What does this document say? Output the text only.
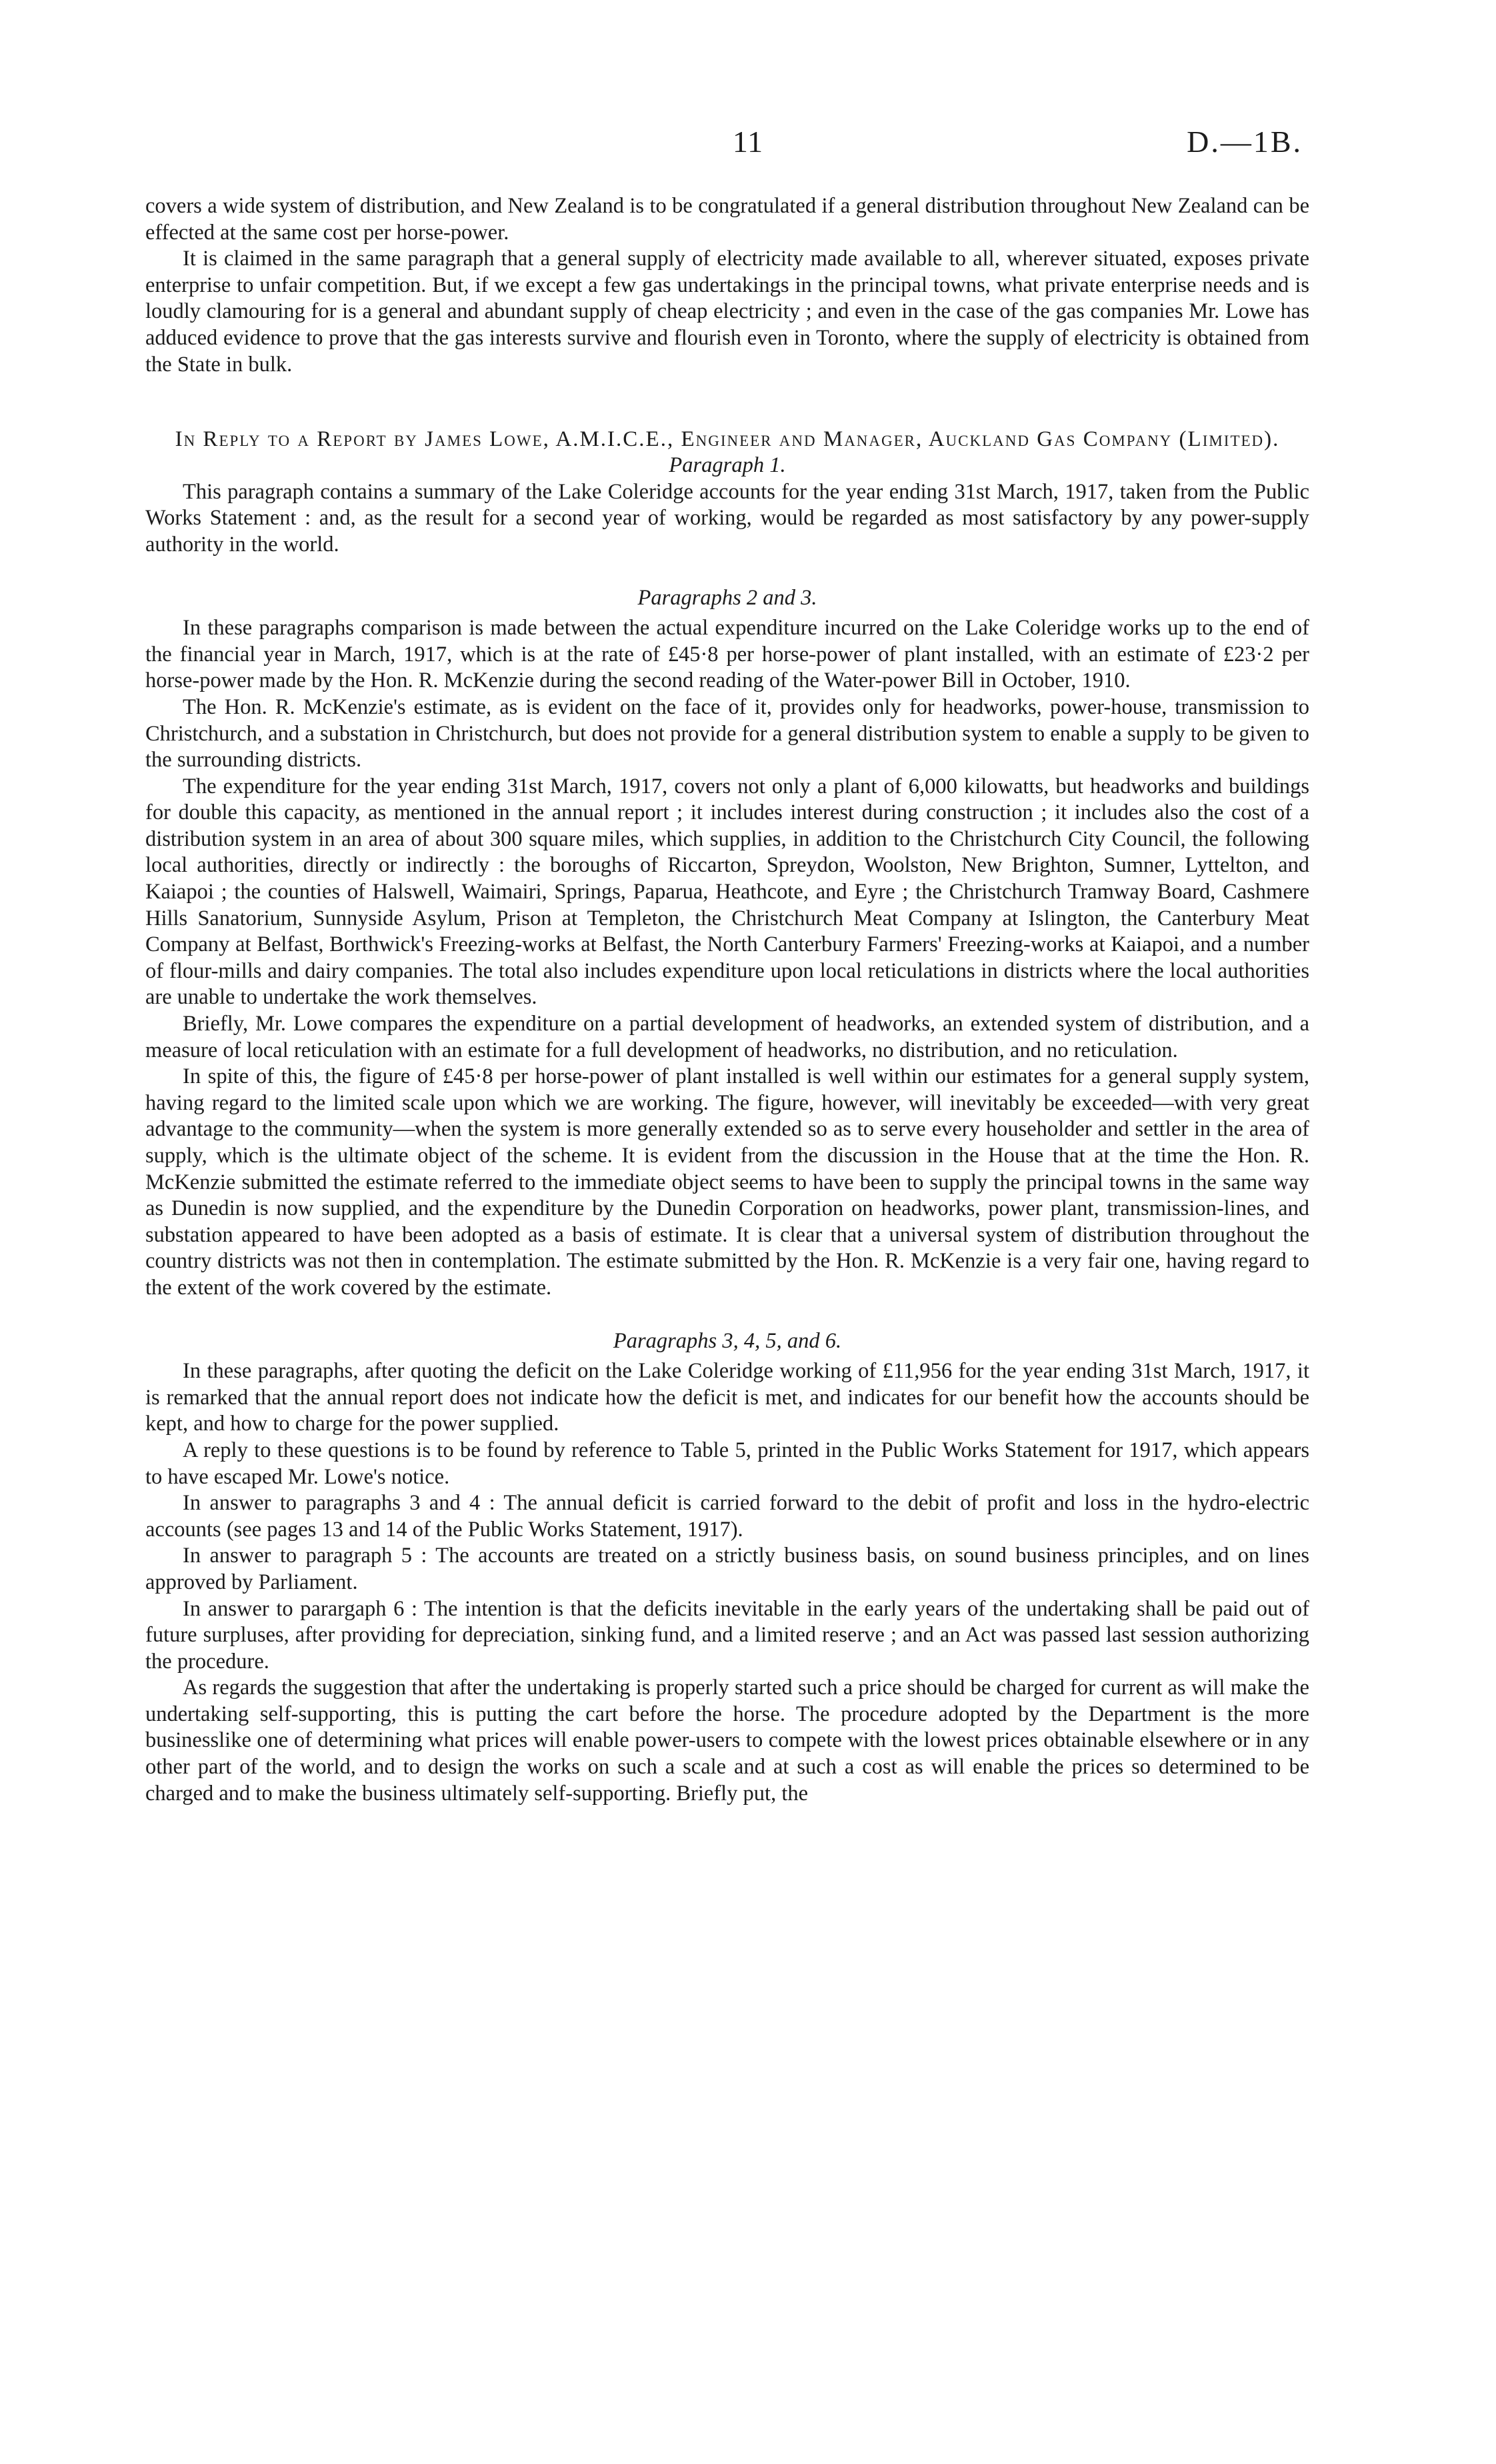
11	D.—1B.

covers a wide system of distribution, and New Zealand is to be congratulated if a general distribution throughout New Zealand can be effected at the same cost per horse-power.

It is claimed in the same paragraph that a general supply of electricity made available to all, wherever situated, exposes private enterprise to unfair competition. But, if we except a few gas undertakings in the principal towns, what private enterprise needs and is loudly clamouring for is a general and abundant supply of cheap electricity ; and even in the case of the gas companies Mr. Lowe has adduced evidence to prove that the gas interests survive and flourish even in Toronto, where the supply of electricity is obtained from the State in bulk.

In Reply to a Report by James Lowe, A.M.I.C.E., Engineer and Manager, Auckland Gas Company (Limited).
Paragraph 1.

This paragraph contains a summary of the Lake Coleridge accounts for the year ending 31st March, 1917, taken from the Public Works Statement : and, as the result for a second year of working, would be regarded as most satisfactory by any power-supply authority in the world.

Paragraphs 2 and 3.

In these paragraphs comparison is made between the actual expenditure incurred on the Lake Coleridge works up to the end of the financial year in March, 1917, which is at the rate of £45·8 per horse-power of plant installed, with an estimate of £23·2 per horse-power made by the Hon. R. McKenzie during the second reading of the Water-power Bill in October, 1910.

The Hon. R. McKenzie's estimate, as is evident on the face of it, provides only for headworks, power-house, transmission to Christchurch, and a substation in Christchurch, but does not provide for a general distribution system to enable a supply to be given to the surrounding districts.

The expenditure for the year ending 31st March, 1917, covers not only a plant of 6,000 kilowatts, but headworks and buildings for double this capacity, as mentioned in the annual report ; it includes interest during construction ; it includes also the cost of a distribution system in an area of about 300 square miles, which supplies, in addition to the Christchurch City Council, the following local authorities, directly or indirectly : the boroughs of Riccarton, Spreydon, Woolston, New Brighton, Sumner, Lyttelton, and Kaiapoi ; the counties of Halswell, Waimairi, Springs, Paparua, Heathcote, and Eyre ; the Christchurch Tramway Board, Cashmere Hills Sanatorium, Sunnyside Asylum, Prison at Templeton, the Christchurch Meat Company at Islington, the Canterbury Meat Company at Belfast, Borthwick's Freezing-works at Belfast, the North Canterbury Farmers' Freezing-works at Kaiapoi, and a number of flour-mills and dairy companies. The total also includes expenditure upon local reticulations in districts where the local authorities are unable to undertake the work themselves.

Briefly, Mr. Lowe compares the expenditure on a partial development of headworks, an extended system of distribution, and a measure of local reticulation with an estimate for a full development of headworks, no distribution, and no reticulation.

In spite of this, the figure of £45·8 per horse-power of plant installed is well within our estimates for a general supply system, having regard to the limited scale upon which we are working. The figure, however, will inevitably be exceeded—with very great advantage to the community—when the system is more generally extended so as to serve every householder and settler in the area of supply, which is the ultimate object of the scheme. It is evident from the discussion in the House that at the time the Hon. R. McKenzie submitted the estimate referred to the immediate object seems to have been to supply the principal towns in the same way as Dunedin is now supplied, and the expenditure by the Dunedin Corporation on headworks, power plant, transmission-lines, and substation appeared to have been adopted as a basis of estimate. It is clear that a universal system of distribution throughout the country districts was not then in contemplation. The estimate submitted by the Hon. R. McKenzie is a very fair one, having regard to the extent of the work covered by the estimate.

Paragraphs 3, 4, 5, and 6.

In these paragraphs, after quoting the deficit on the Lake Coleridge working of £11,956 for the year ending 31st March, 1917, it is remarked that the annual report does not indicate how the deficit is met, and indicates for our benefit how the accounts should be kept, and how to charge for the power supplied.

A reply to these questions is to be found by reference to Table 5, printed in the Public Works Statement for 1917, which appears to have escaped Mr. Lowe's notice.

In answer to paragraphs 3 and 4 : The annual deficit is carried forward to the debit of profit and loss in the hydro-electric accounts (see pages 13 and 14 of the Public Works Statement, 1917).

In answer to paragraph 5 : The accounts are treated on a strictly business basis, on sound business principles, and on lines approved by Parliament.

In answer to parargaph 6 : The intention is that the deficits inevitable in the early years of the undertaking shall be paid out of future surpluses, after providing for depreciation, sinking fund, and a limited reserve ; and an Act was passed last session authorizing the procedure.

As regards the suggestion that after the undertaking is properly started such a price should be charged for current as will make the undertaking self-supporting, this is putting the cart before the horse. The procedure adopted by the Department is the more businesslike one of determining what prices will enable power-users to compete with the lowest prices obtainable elsewhere or in any other part of the world, and to design the works on such a scale and at such a cost as will enable the prices so determined to be charged and to make the business ultimately self-supporting. Briefly put, the
